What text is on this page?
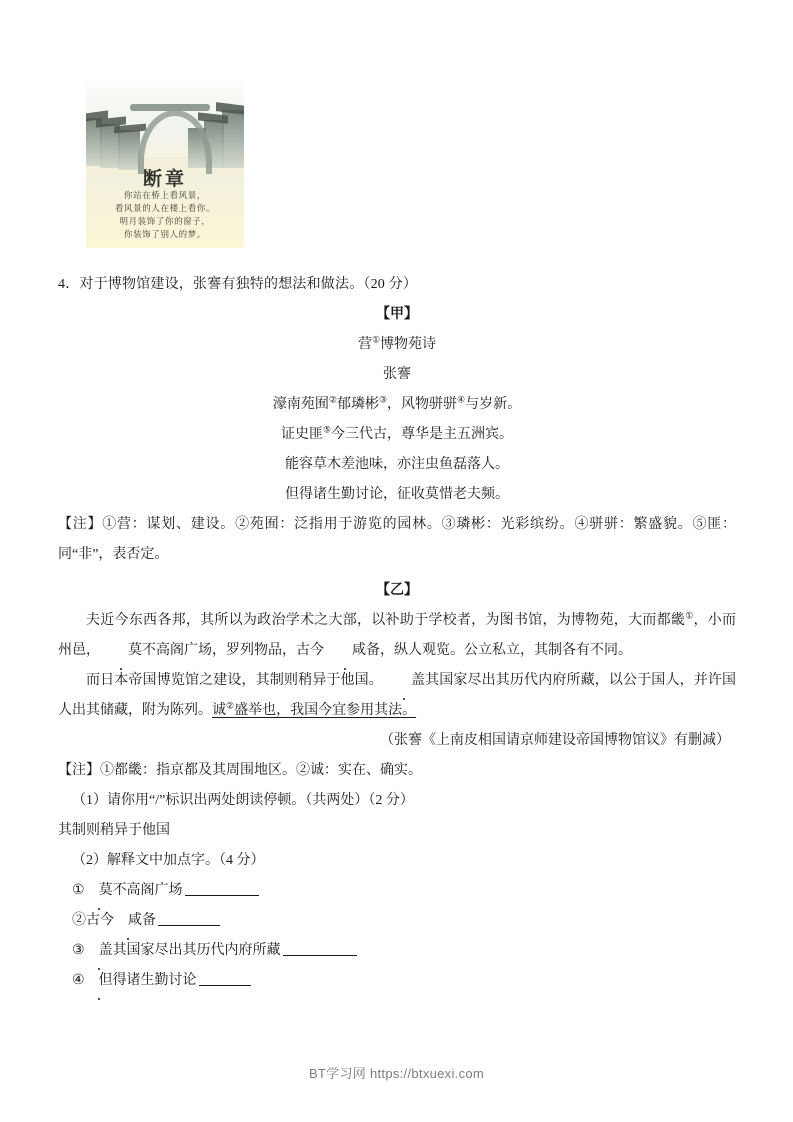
断章
你站在桥上看风景，
看风景的人在楼上看你。
明月装饰了你的窗子，
你装饰了别人的梦。
4．对于博物馆建设，张謇有独特的想法和做法。（20 分）
【甲】
营①博物苑诗
张謇
濠南苑囿②郁璘彬③，风物骈骈④与岁新。
证史匪⑤今三代古，尊华是主五洲宾。
能容草木差池味，亦注虫鱼磊落人。
但得诸生勤讨论，征收莫惜老夫频。
【注】①营：谋划、建设。②苑囿：泛指用于游览的园林。③璘彬：光彩缤纷。④骈骈：繁盛貌。⑤匪：同“非”，表否定。
【乙】
夫近今东西各邦，其所以为政治学术之大部，以补助于学校者，为图书馆，为博物苑，大而都畿①，小而州邑， 莫不高阁广场，罗列物品，古今 咸备，纵人观览。公立私立，其制各有不同。
而日本帝国博览馆之建设，其制则稍异于他国。 盖其国家尽出其历代内府所藏，以公于国人，并许国人出其储藏，附为陈列。诚②盛举也，我国今宜参用其法。
（张謇《上南皮相国请京师建设帝国博物馆议》有删减）
【注】①都畿：指京都及其周围地区。②诚：实在、确实。
（1）请你用“/”标识出两处朗读停顿。（共两处）（2 分）
其制则稍异于他国
（2）解释文中加点字。（4 分）
① 莫不高阁广场
②古今 咸备
③ 盖其国家尽出其历代内府所藏
④ 但得诸生勤讨论
BT学习网 https://btxuexi.com
